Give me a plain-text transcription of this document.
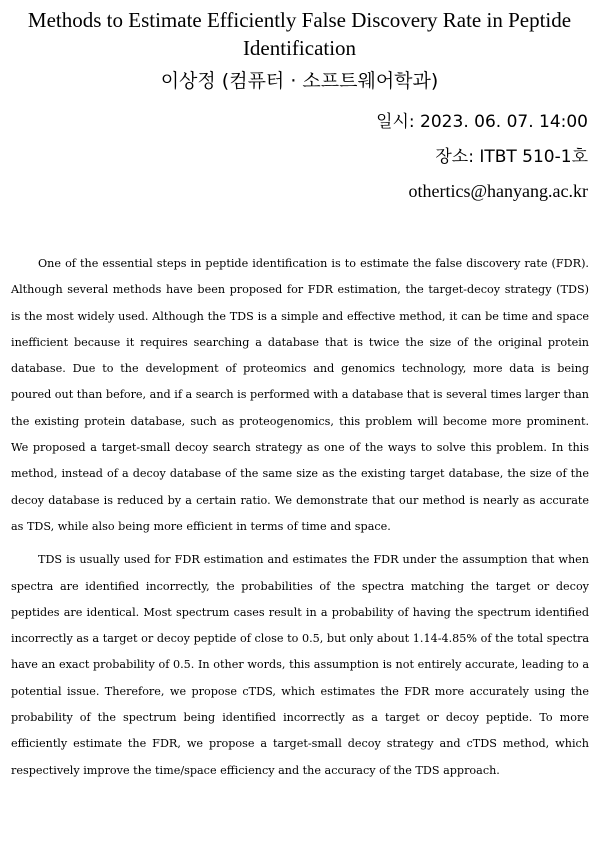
Methods to Estimate Efficiently False Discovery Rate in Peptide Identification
이상정 (컴퓨터 · 소프트웨어학과)
일시: 2023. 06. 07. 14:00
장소: ITBT 510-1호
othertics@hanyang.ac.kr

One of the essential steps in peptide identification is to estimate the false discovery rate (FDR). Although several methods have been proposed for FDR estimation, the target-decoy strategy (TDS) is the most widely used. Although the TDS is a simple and effective method, it can be time and space inefficient because it requires searching a database that is twice the size of the original protein database. Due to the development of proteomics and genomics technology, more data is being poured out than before, and if a search is performed with a database that is several times larger than the existing protein database, such as proteogenomics, this problem will become more prominent. We proposed a target-small decoy search strategy as one of the ways to solve this problem. In this method, instead of a decoy database of the same size as the existing target database, the size of the decoy database is reduced by a certain ratio. We demonstrate that our method is nearly as accurate as TDS, while also being more efficient in terms of time and space.

TDS is usually used for FDR estimation and estimates the FDR under the assumption that when spectra are identified incorrectly, the probabilities of the spectra matching the target or decoy peptides are identical. Most spectrum cases result in a probability of having the spectrum identified incorrectly as a target or decoy peptide of close to 0.5, but only about 1.14-4.85% of the total spectra have an exact probability of 0.5. In other words, this assumption is not entirely accurate, leading to a potential issue. Therefore, we propose cTDS, which estimates the FDR more accurately using the probability of the spectrum being identified incorrectly as a target or decoy peptide. To more efficiently estimate the FDR, we propose a target-small decoy strategy and cTDS method, which respectively improve the time/space efficiency and the accuracy of the TDS approach.
